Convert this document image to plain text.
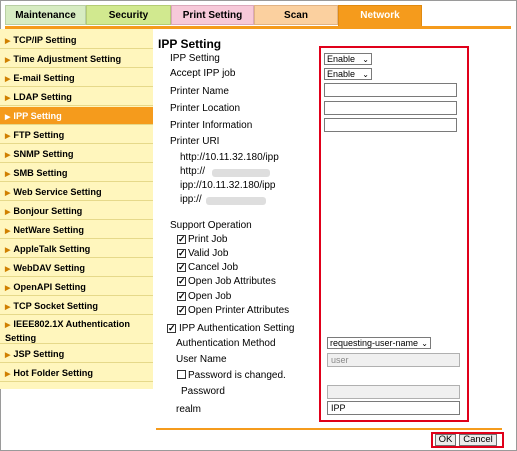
Maintenance	Security	Print Setting	Scan	Network
▶ TCP/IP Setting
▶ Time Adjustment Setting
▶ E-mail Setting
▶ LDAP Setting
▶ IPP Setting
▶ FTP Setting
▶ SNMP Setting
▶ SMB Setting
▶ Web Service Setting
▶ Bonjour Setting
▶ NetWare Setting
▶ AppleTalk Setting
▶ WebDAV Setting
▶ OpenAPI Setting
▶ TCP Socket Setting
▶ IEEE802.1X Authentication Setting
▶ JSP Setting
▶ Hot Folder Setting
IPP Setting
IPP Setting	Enable ⌄
Accept IPP job	Enable ⌄
Printer Name
Printer Location
Printer Information
Printer URI
http://10.11.32.180/ipp
http://
ipp://10.11.32.180/ipp
ipp://
Support Operation
✓ Print Job
✓ Valid Job
✓ Cancel Job
✓ Open Job Attributes
✓ Open Job
✓ Open Printer Attributes
✓ IPP Authentication Setting
Authentication Method	requesting-user-name ⌄
User Name	user
Password is changed.
Password
realm	IPP
OK	Cancel
